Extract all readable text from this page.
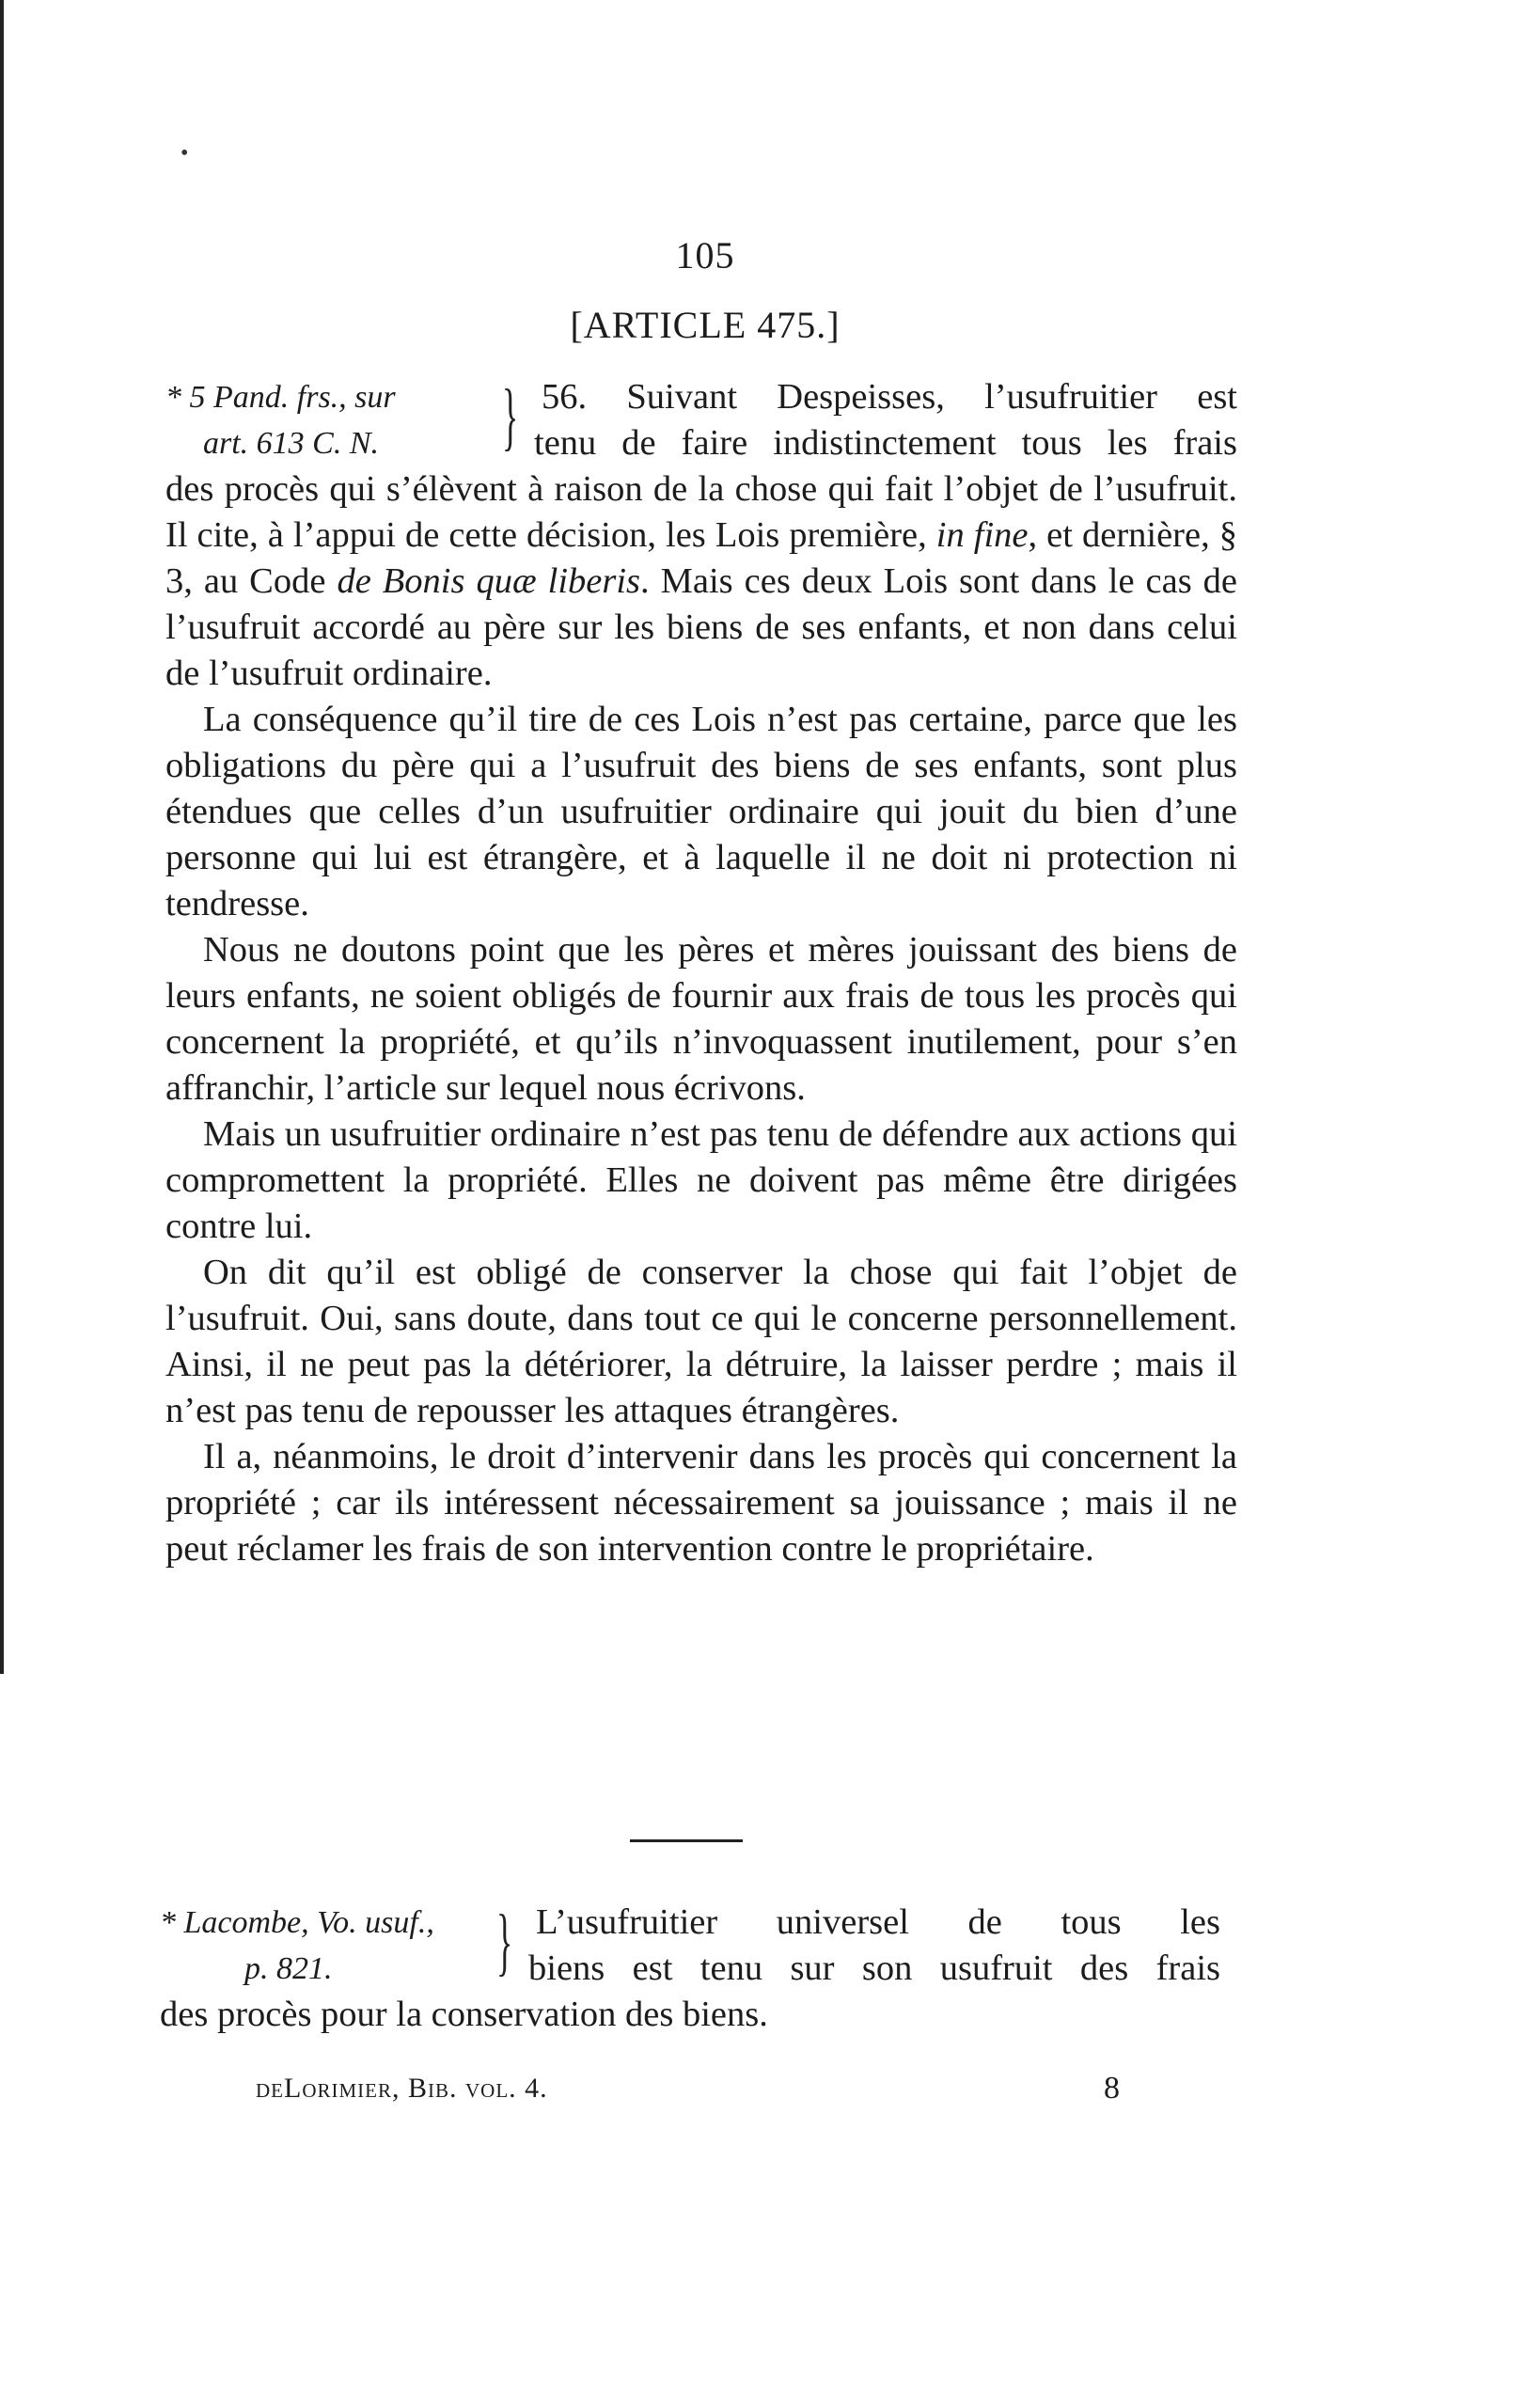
•
105
[ARTICLE 475.]
* 5 Pand. frs., sur
art. 613 C. N.	} 56. Suivant Despeisses, l’usufruitier est
tenu de faire indistinctement tous les frais

des procès qui s’élèvent à raison de la chose qui fait l’objet de l’usufruit. Il cite, à l’appui de cette décision, les Lois première, in fine, et dernière, § 3, au Code de Bonis quæ liberis. Mais ces deux Lois sont dans le cas de l’usufruit accordé au père sur les biens de ses enfants, et non dans celui de l’usufruit ordinaire.

La conséquence qu’il tire de ces Lois n’est pas certaine, parce que les obligations du père qui a l’usufruit des biens de ses enfants, sont plus étendues que celles d’un usufruitier ordinaire qui jouit du bien d’une personne qui lui est étrangère, et à laquelle il ne doit ni protection ni tendresse.

Nous ne doutons point que les pères et mères jouissant des biens de leurs enfants, ne soient obligés de fournir aux frais de tous les procès qui concernent la propriété, et qu’ils n’invoquassent inutilement, pour s’en affranchir, l’article sur lequel nous écrivons.

Mais un usufruitier ordinaire n’est pas tenu de défendre aux actions qui compromettent la propriété. Elles ne doivent pas même être dirigées contre lui.

On dit qu’il est obligé de conserver la chose qui fait l’objet de l’usufruit. Oui, sans doute, dans tout ce qui le concerne personnellement. Ainsi, il ne peut pas la détériorer, la détruire, la laisser perdre ; mais il n’est pas tenu de repousser les attaques étrangères.

Il a, néanmoins, le droit d’intervenir dans les procès qui concernent la propriété ; car ils intéressent nécessairement sa jouissance ; mais il ne peut réclamer les frais de son intervention contre le propriétaire.

* Lacombe, Vo. usuf.,
p. 821.	} L’usufruitier universel de tous les
biens est tenu sur son usufruit des frais
des procès pour la conservation des biens.
deLorimier, Bib. vol. 4.	8
